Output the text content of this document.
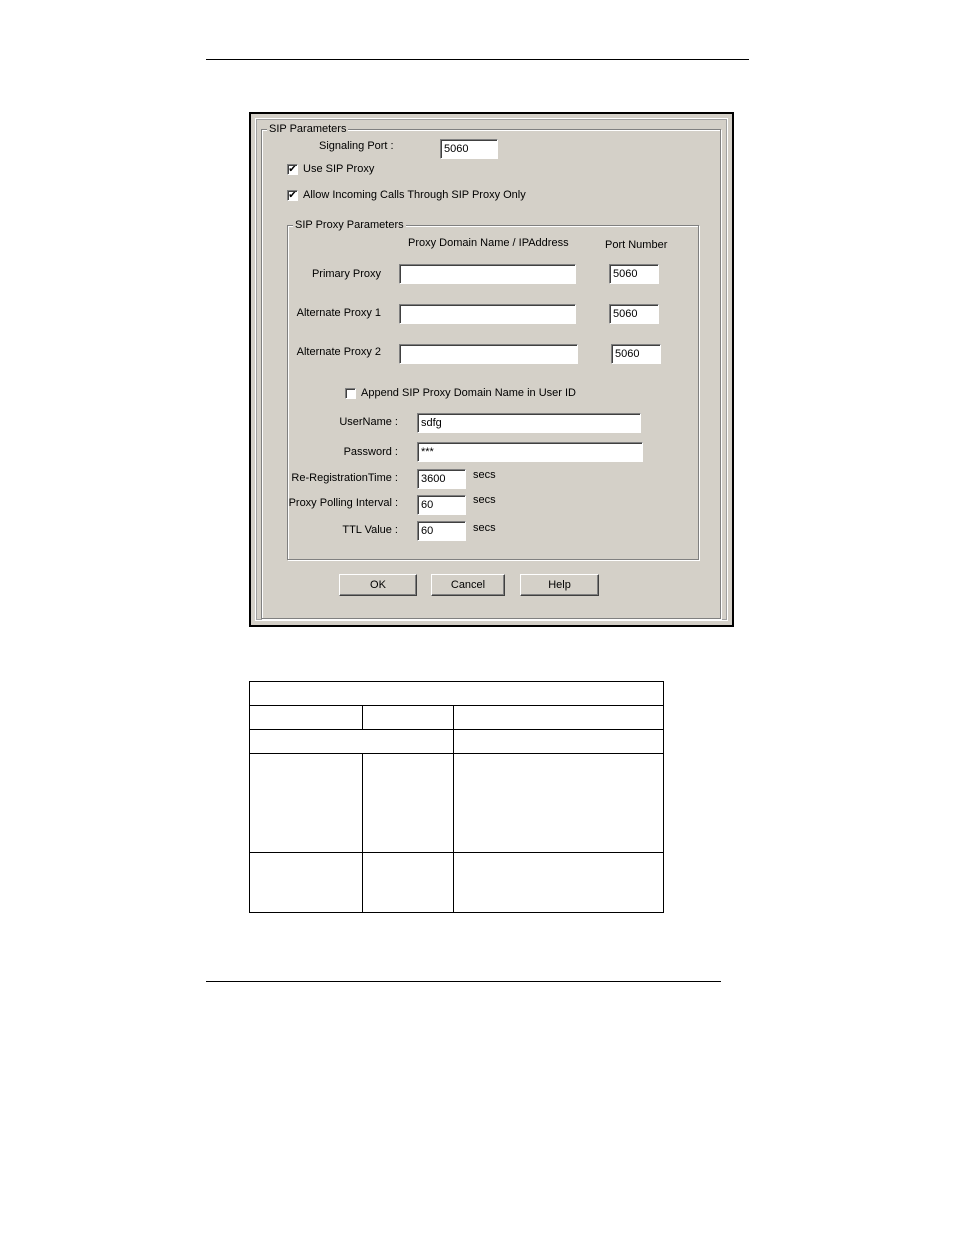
SIP Parameters
Signaling Port :	5060
✔ Use SIP Proxy
✔ Allow Incoming Calls Through SIP Proxy Only
SIP Proxy Parameters
Proxy Domain Name / IPAddress	Port Number
Primary Proxy	5060
Alternate Proxy 1	5060
Alternate Proxy 2	5060
Append SIP Proxy Domain Name in User ID
UserName :	sdfg
Password :	***
Re-RegistrationTime :	3600	secs
Proxy Polling Interval :	60	secs
TTL Value :	60	secs
OK	Cancel	Help
